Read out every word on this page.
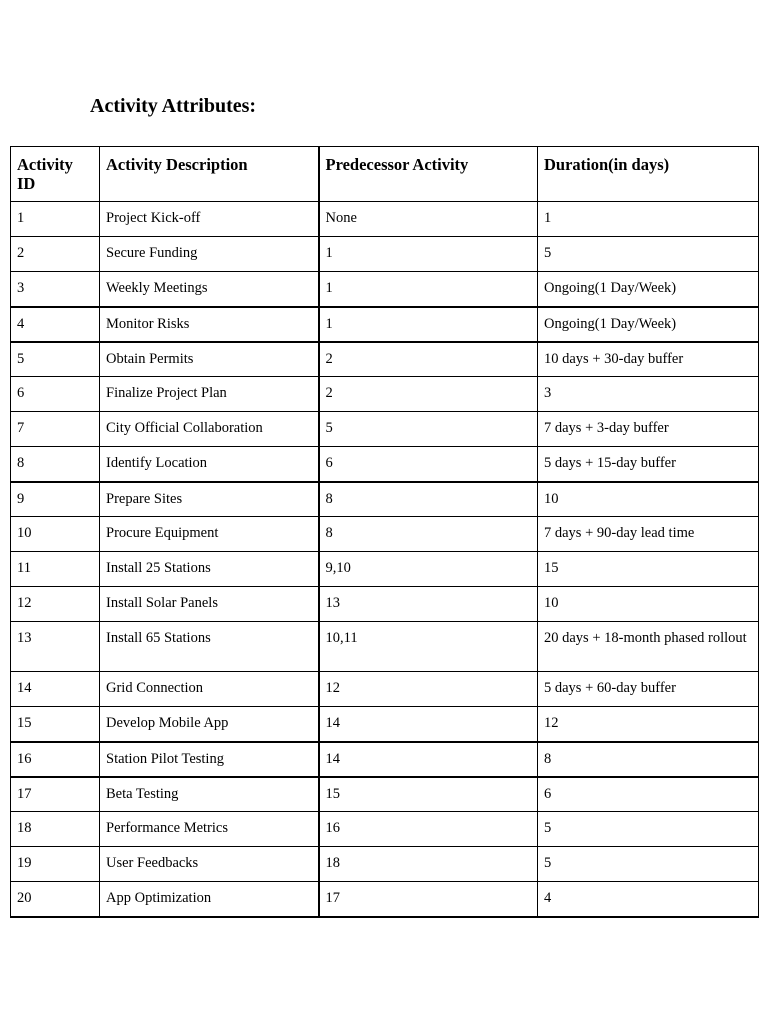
Activity Attributes:
Activity ID	Activity Description	Predecessor Activity	Duration(in days)
1	Project Kick-off	None	1
2	Secure Funding	1	5
3	Weekly Meetings	1	Ongoing(1 Day/Week)
4	Monitor Risks	1	Ongoing(1 Day/Week)
5	Obtain Permits	2	10 days + 30-day buffer
6	Finalize Project Plan	2	3
7	City Official Collaboration	5	7 days + 3-day buffer
8	Identify Location	6	5 days + 15-day buffer
9	Prepare Sites	8	10
10	Procure Equipment	8	7 days + 90-day lead time
11	Install 25 Stations	9,10	15
12	Install Solar Panels	13	10
13	Install 65 Stations	10,11	20 days + 18-month phased rollout
14	Grid Connection	12	5 days + 60-day buffer
15	Develop Mobile App	14	12
16	Station Pilot Testing	14	8
17	Beta Testing	15	6
18	Performance Metrics	16	5
19	User Feedbacks	18	5
20	App Optimization	17	4
